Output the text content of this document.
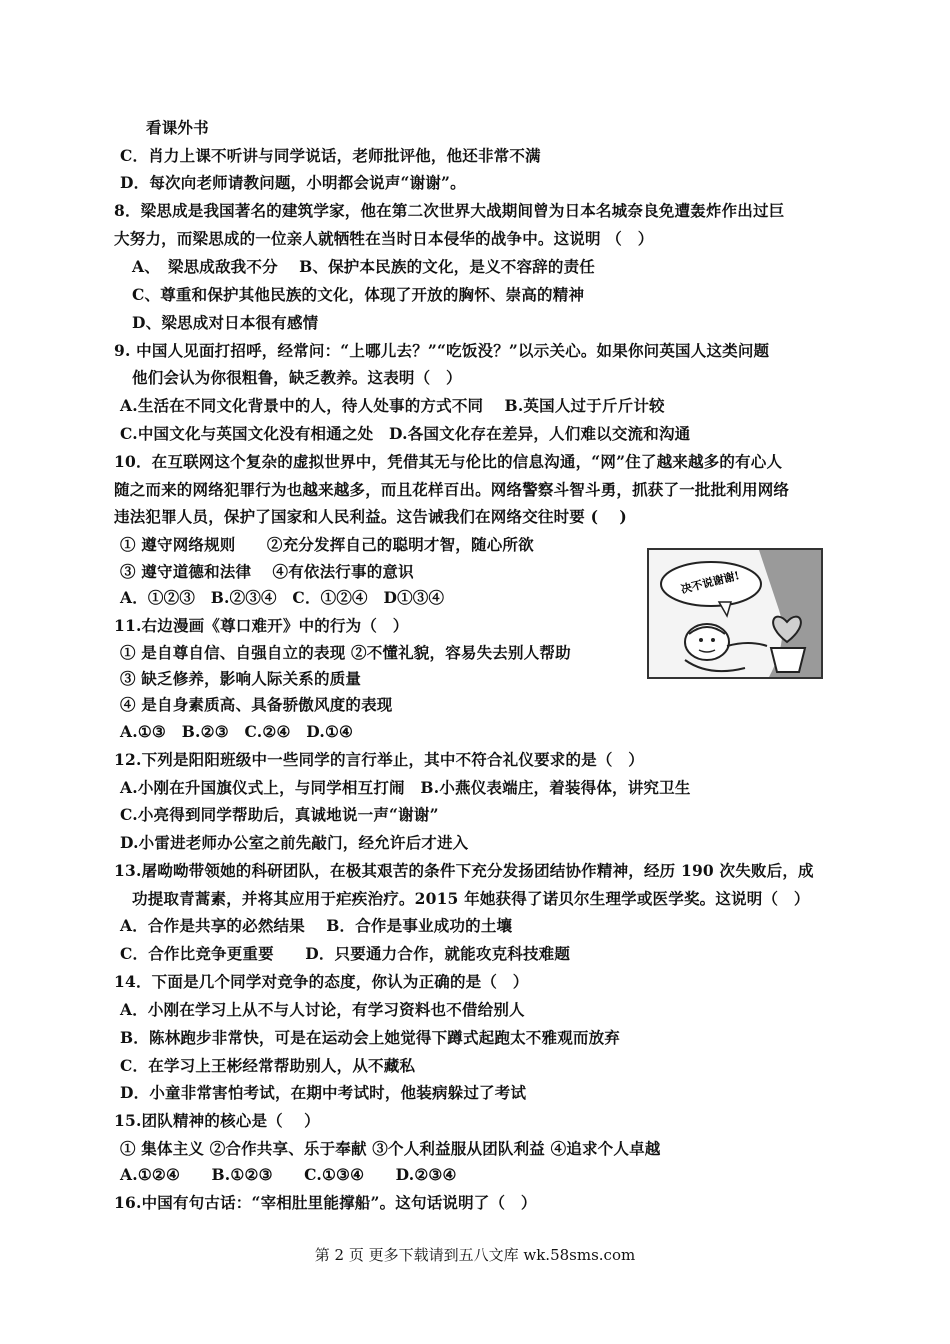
看课外书
C．肖力上课不听讲与同学说话，老师批评他，他还非常不满
D．每次向老师请教问题，小明都会说声“谢谢”。
8．梁思成是我国著名的建筑学家，他在第二次世界大战期间曾为日本名城奈良免遭轰炸作出过巨
大努力，而梁思成的一位亲人就牺牲在当时日本侵华的战争中。这说明 （　）
A、　梁思成敌我不分　 B、保护本民族的文化，是义不容辞的责任
C、尊重和保护其他民族的文化，体现了开放的胸怀、崇高的精神
D、梁思成对日本很有感情
9. 中国人见面打招呼，经常问：“上哪儿去？”“吃饭没？”以示关心。如果你问英国人这类问题
他们会认为你很粗鲁，缺乏教养。这表明（　）
A.生活在不同文化背景中的人，待人处事的方式不同　 B.英国人过于斤斤计较
C.中国文化与英国文化没有相通之处　D.各国文化存在差异，人们难以交流和沟通
10．在互联网这个复杂的虚拟世界中，凭借其无与伦比的信息沟通，“网”住了越来越多的有心人
随之而来的网络犯罪行为也越来越多，而且花样百出。网络警察斗智斗勇，抓获了一批批利用网络
违法犯罪人员，保护了国家和人民利益。这告诫我们在网络交往时要 (　 )
① 遵守网络规则　　②充分发挥自己的聪明才智，随心所欲
③ 遵守道德和法律　 ④有依法行事的意识
A．①②③　B.②③④　C．①②④　D①③④
11.右边漫画《尊口难开》中的行为（　）
① 是自尊自信、自强自立的表现 ②不懂礼貌，容易失去别人帮助
③ 缺乏修养，影响人际关系的质量
④ 是自身素质高、具备骄傲风度的表现
A.①③　B.②③　C.②④　D.①④
12.下列是阳阳班级中一些同学的言行举止，其中不符合礼仪要求的是（　）
A.小刚在升国旗仪式上，与同学相互打闹　B.小燕仪表端庄，着装得体，讲究卫生
C.小亮得到同学帮助后，真诚地说一声“谢谢”
D.小雷进老师办公室之前先敲门，经允许后才进入
13.屠呦呦带领她的科研团队，在极其艰苦的条件下充分发扬团结协作精神，经历 190 次失败后，成
功提取青蒿素，并将其应用于疟疾治疗。2015 年她获得了诺贝尔生理学或医学奖。这说明（　）
A．合作是共享的必然结果　 B．合作是事业成功的土壤
C．合作比竞争更重要　　D．只要通力合作，就能攻克科技难题
14．下面是几个同学对竞争的态度，你认为正确的是（　）
A．小刚在学习上从不与人讨论，有学习资料也不借给别人
B．陈林跑步非常快，可是在运动会上她觉得下蹲式起跑太不雅观而放弃
C．在学习上王彬经常帮助别人，从不藏私
D．小童非常害怕考试，在期中考试时，他装病躲过了考试
15.团队精神的核心是（　 ）
① 集体主义 ②合作共享、乐于奉献 ③个人利益服从团队利益 ④追求个人卓越
A.①②④　　B.①②③　　C.①③④　　D.②③④
16.中国有句古话：“宰相肚里能撑船”。这句话说明了（　）
决不说谢谢!
第 2 页 更多下载请到五八文库 wk.58sms.com
